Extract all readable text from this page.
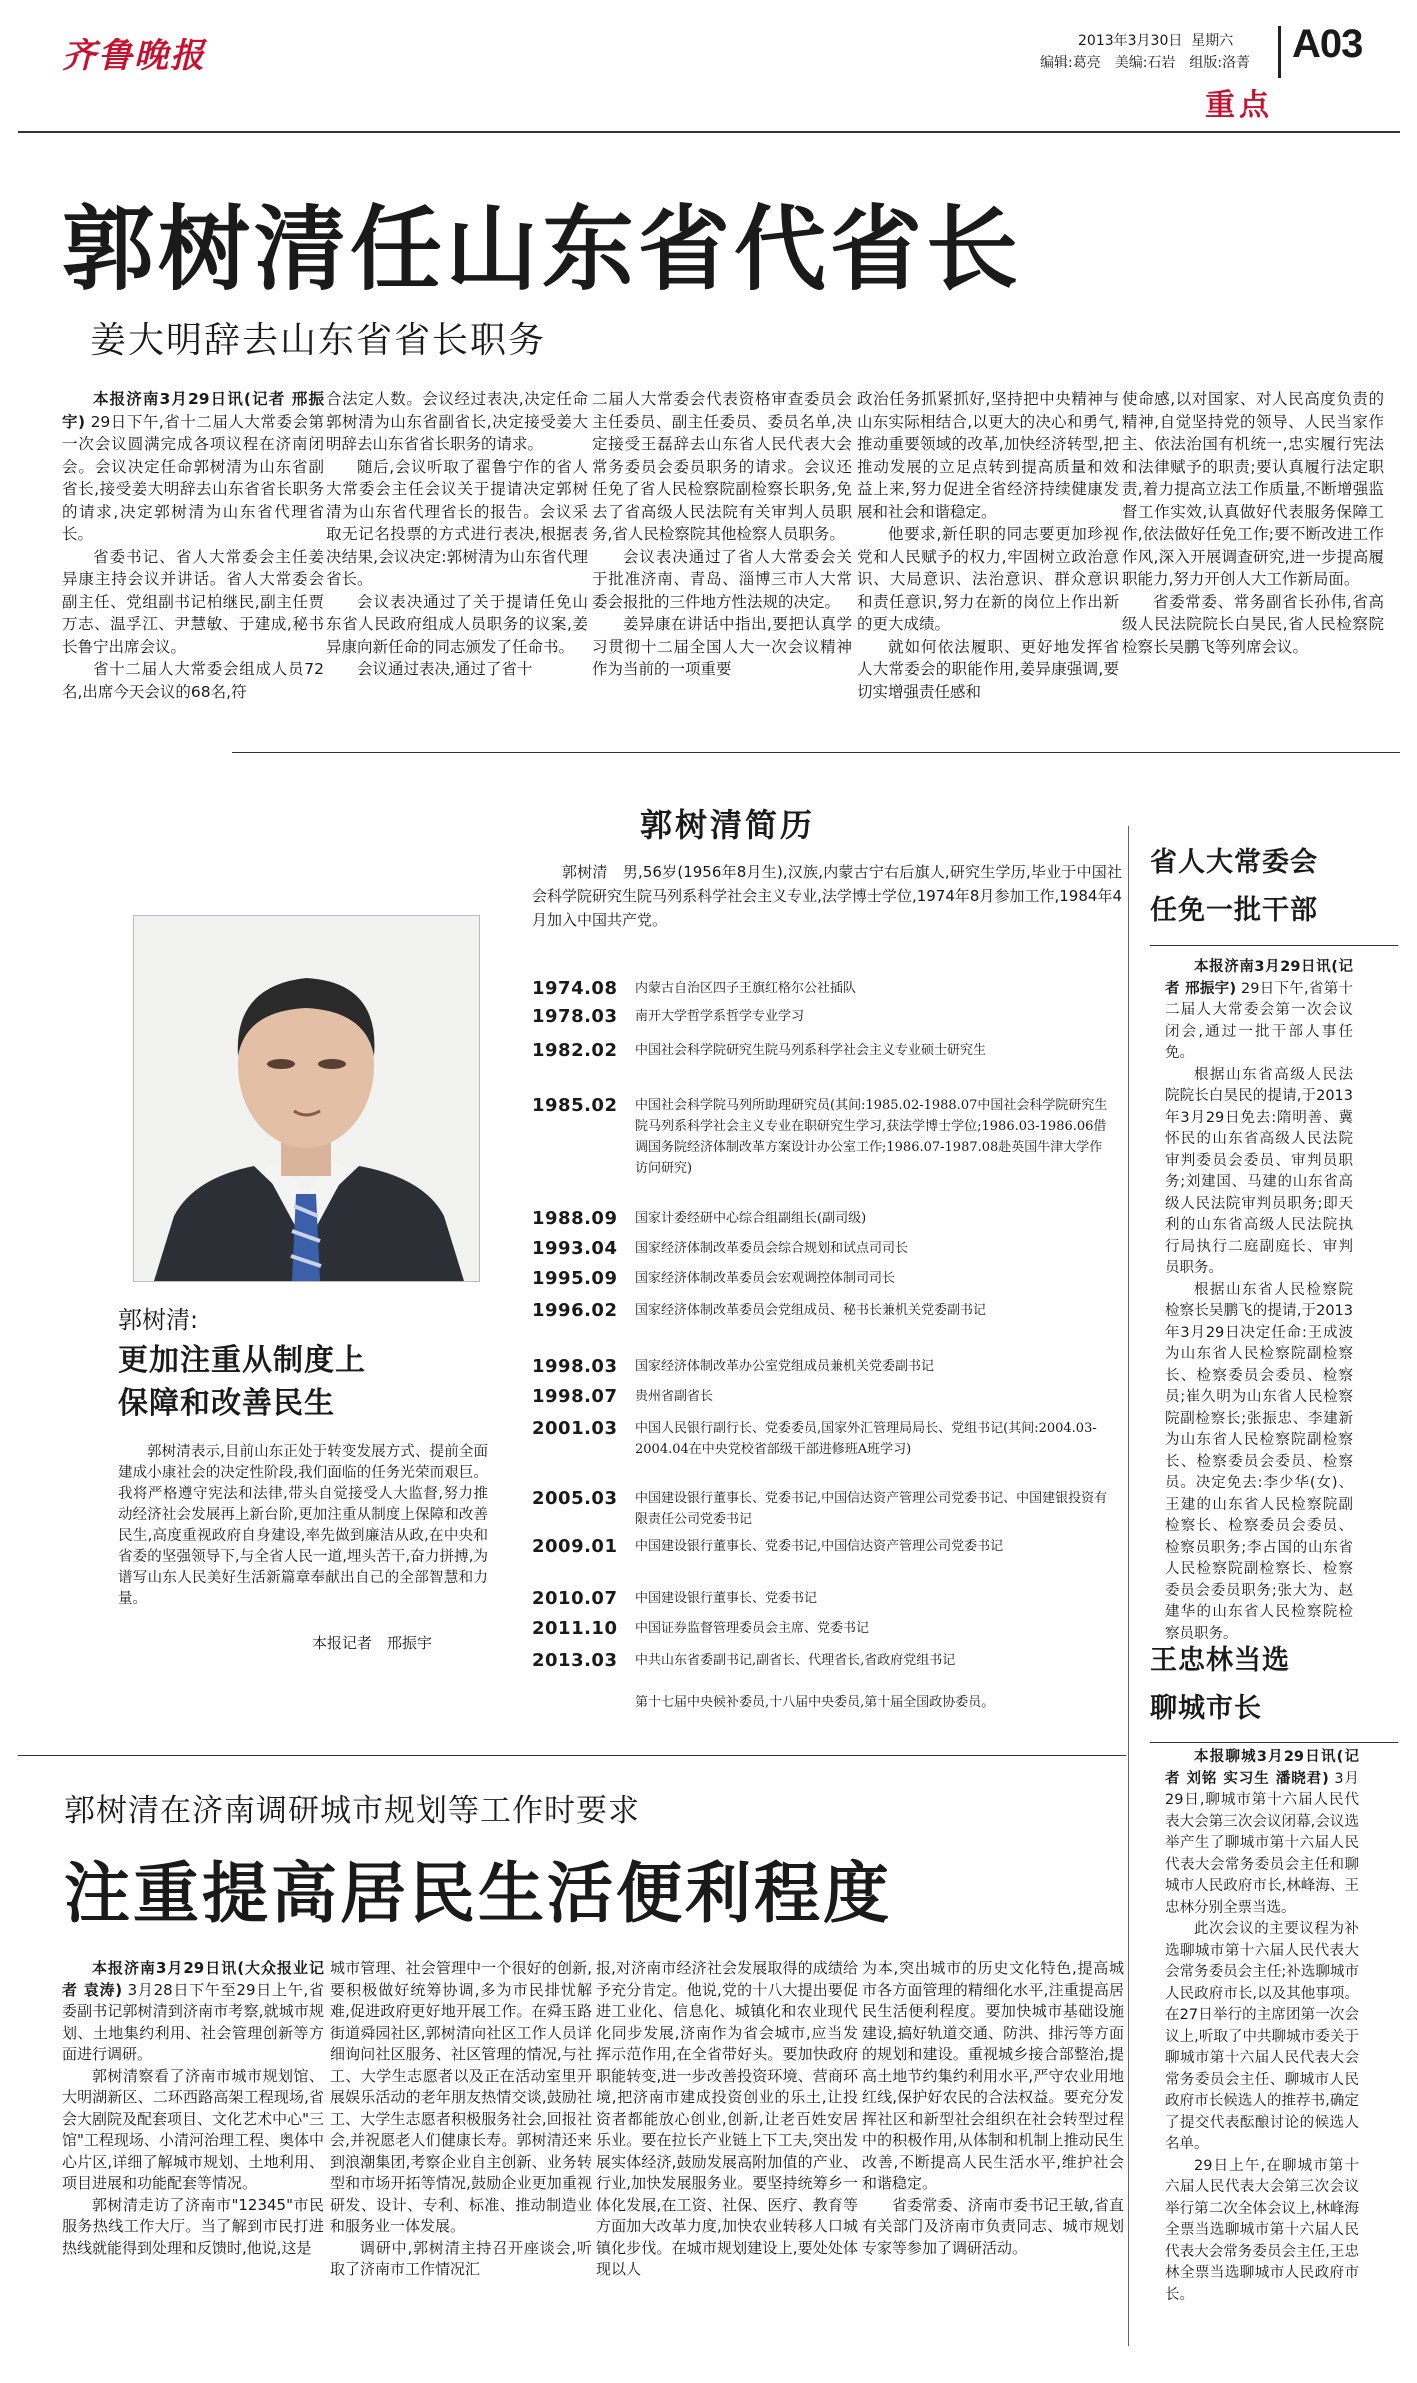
齐鲁晚报	2013年3月30日 星期六
编辑:葛亮　美编:石岩　组版:洛菁 A03
重点
郭树清任山东省代省长
姜大明辞去山东省省长职务

本报济南3月29日讯(记者 邢振宇) 29日下午,省十二届人大常委会第一次会议圆满完成各项议程在济南闭会。会议决定任命郭树清为山东省副省长,接受姜大明辞去山东省省长职务的请求,决定郭树清为山东省代理省长。

省委书记、省人大常委会主任姜异康主持会议并讲话。省人大常委会副主任、党组副书记柏继民,副主任贾万志、温孚江、尹慧敏、于建成,秘书长鲁宁出席会议。

省十二届人大常委会组成人员72名,出席今天会议的68名,符

合法定人数。会议经过表决,决定任命郭树清为山东省副省长,决定接受姜大明辞去山东省省长职务的请求。

随后,会议听取了翟鲁宁作的省人大常委会主任会议关于提请决定郭树清为山东省代理省长的报告。会议采取无记名投票的方式进行表决,根据表决结果,会议决定:郭树清为山东省代理省长。

会议表决通过了关于提请任免山东省人民政府组成人员职务的议案,姜异康向新任命的同志颁发了任命书。

会议通过表决,通过了省十

二届人大常委会代表资格审查委员会主任委员、副主任委员、委员名单,决定接受王磊辞去山东省人民代表大会常务委员会委员职务的请求。会议还任免了省人民检察院副检察长职务,免去了省高级人民法院有关审判人员职务,省人民检察院其他检察人员职务。

会议表决通过了省人大常委会关于批准济南、青岛、淄博三市人大常委会报批的三件地方性法规的决定。

姜异康在讲话中指出,要把认真学习贯彻十二届全国人大一次会议精神作为当前的一项重要

政治任务抓紧抓好,坚持把中央精神与山东实际相结合,以更大的决心和勇气,推动重要领域的改革,加快经济转型,把推动发展的立足点转到提高质量和效益上来,努力促进全省经济持续健康发展和社会和谐稳定。

他要求,新任职的同志要更加珍视党和人民赋予的权力,牢固树立政治意识、大局意识、法治意识、群众意识和责任意识,努力在新的岗位上作出新的更大成绩。

就如何依法履职、更好地发挥省人大常委会的职能作用,姜异康强调,要切实增强责任感和

使命感,以对国家、对人民高度负责的精神,自觉坚持党的领导、人民当家作主、依法治国有机统一,忠实履行宪法和法律赋予的职责;要认真履行法定职责,着力提高立法工作质量,不断增强监督工作实效,认真做好代表服务保障工作,依法做好任免工作;要不断改进工作作风,深入开展调查研究,进一步提高履职能力,努力开创人大工作新局面。

省委常委、常务副省长孙伟,省高级人民法院院长白昊民,省人民检察院检察长吴鹏飞等列席会议。

郭树清简历
郭树清　男,56岁(1956年8月生),汉族,内蒙古宁右后旗人,研究生学历,毕业于中国社会科学院研究生院马列系科学社会主义专业,法学博士学位,1974年8月参加工作,1984年4月加入中国共产党。
郭树清:
更加注重从制度上
保障和改善民生

郭树清表示,目前山东正处于转变发展方式、提前全面建成小康社会的决定性阶段,我们面临的任务光荣而艰巨。我将严格遵守宪法和法律,带头自觉接受人大监督,努力推动经济社会发展再上新台阶,更加注重从制度上保障和改善民生,高度重视政府自身建设,率先做到廉洁从政,在中央和省委的坚强领导下,与全省人民一道,埋头苦干,奋力拼搏,为谱写山东人民美好生活新篇章奉献出自己的全部智慧和力量。

本报记者　邢振宇
1974.08 内蒙古自治区四子王旗红格尔公社插队
1978.03 南开大学哲学系哲学专业学习
1982.02 中国社会科学院研究生院马列系科学社会主义专业硕士研究生
1985.02 中国社会科学院马列所助理研究员(其间:1985.02-1988.07中国社会科学院研究生院马列系科学社会主义专业在职研究生学习,获法学博士学位;1986.03-1986.06借调国务院经济体制改革方案设计办公室工作;1986.07-1987.08赴英国牛津大学作访问研究)
1988.09 国家计委经研中心综合组副组长(副司级)
1993.04 国家经济体制改革委员会综合规划和试点司司长
1995.09 国家经济体制改革委员会宏观调控体制司司长
1996.02 国家经济体制改革委员会党组成员、秘书长兼机关党委副书记
1998.03 国家经济体制改革办公室党组成员兼机关党委副书记
1998.07 贵州省副省长
2001.03 中国人民银行副行长、党委委员,国家外汇管理局局长、党组书记(其间:2004.03-2004.04在中央党校省部级干部进修班A班学习)
2005.03 中国建设银行董事长、党委书记,中国信达资产管理公司党委书记、中国建银投资有限责任公司党委书记
2009.01 中国建设银行董事长、党委书记,中国信达资产管理公司党委书记
2010.07 中国建设银行董事长、党委书记
2011.10 中国证券监督管理委员会主席、党委书记
2013.03 中共山东省委副书记,副省长、代理省长,省政府党组书记
第十七届中央候补委员,十八届中央委员,第十届全国政协委员。
省人大常委会
任免一批干部

本报济南3月29日讯(记者 邢振宇) 29日下午,省第十二届人大常委会第一次会议闭会,通过一批干部人事任免。

根据山东省高级人民法院院长白昊民的提请,于2013年3月29日免去:隋明善、冀怀民的山东省高级人民法院审判委员会委员、审判员职务;刘建国、马建的山东省高级人民法院审判员职务;即天利的山东省高级人民法院执行局执行二庭副庭长、审判员职务。

根据山东省人民检察院检察长吴鹏飞的提请,于2013年3月29日决定任命:王成波为山东省人民检察院副检察长、检察委员会委员、检察员;崔久明为山东省人民检察院副检察长;张振忠、李建新为山东省人民检察院副检察长、检察委员会委员、检察员。决定免去:李少华(女)、王建的山东省人民检察院副检察长、检察委员会委员、检察员职务;李占国的山东省人民检察院副检察长、检察委员会委员职务;张大为、赵建华的山东省人民检察院检察员职务。

王忠林当选
聊城市长

本报聊城3月29日讯(记者 刘铭 实习生 潘晓君) 3月29日,聊城市第十六届人民代表大会第三次会议闭幕,会议选举产生了聊城市第十六届人民代表大会常务委员会主任和聊城市人民政府市长,林峰海、王忠林分别全票当选。

此次会议的主要议程为补选聊城市第十六届人民代表大会常务委员会主任;补选聊城市人民政府市长,以及其他事项。在27日举行的主席团第一次会议上,听取了中共聊城市委关于聊城市第十六届人民代表大会常务委员会主任、聊城市人民政府市长候选人的推荐书,确定了提交代表酝酿讨论的候选人名单。

29日上午,在聊城市第十六届人民代表大会第三次会议举行第二次全体会议上,林峰海全票当选聊城市第十六届人民代表大会常务委员会主任,王忠林全票当选聊城市人民政府市长。

郭树清在济南调研城市规划等工作时要求
注重提高居民生活便利程度

本报济南3月29日讯(大众报业记者 袁涛) 3月28日下午至29日上午,省委副书记郭树清到济南市考察,就城市规划、土地集约利用、社会管理创新等方面进行调研。

郭树清察看了济南市城市规划馆、大明湖新区、二环西路高架工程现场,省会大剧院及配套项目、文化艺术中心"三馆"工程现场、小清河治理工程、奥体中心片区,详细了解城市规划、土地利用、项目进展和功能配套等情况。

郭树清走访了济南市"12345"市民服务热线工作大厅。当了解到市民打进热线就能得到处理和反馈时,他说,这是

城市管理、社会管理中一个很好的创新,要积极做好统筹协调,多为市民排忧解难,促进政府更好地开展工作。在舜玉路街道舜园社区,郭树清向社区工作人员详细询问社区服务、社区管理的情况,与社工、大学生志愿者以及正在活动室里开展娱乐活动的老年朋友热情交谈,鼓励社工、大学生志愿者积极服务社会,回报社会,并祝愿老人们健康长寿。郭树清还来到浪潮集团,考察企业自主创新、业务转型和市场开拓等情况,鼓励企业更加重视研发、设计、专利、标准、推动制造业和服务业一体发展。

调研中,郭树清主持召开座谈会,听取了济南市工作情况汇

报,对济南市经济社会发展取得的成绩给予充分肯定。他说,党的十八大提出要促进工业化、信息化、城镇化和农业现代化同步发展,济南作为省会城市,应当发挥示范作用,在全省带好头。要加快政府职能转变,进一步改善投资环境、营商环境,把济南市建成投资创业的乐土,让投资者都能放心创业,创新,让老百姓安居乐业。要在拉长产业链上下工夫,突出发展实体经济,鼓励发展高附加值的产业、行业,加快发展服务业。要坚持统筹乡一体化发展,在工资、社保、医疗、教育等方面加大改革力度,加快农业转移人口城镇化步伐。在城市规划建设上,要处处体现以人

为本,突出城市的历史文化特色,提高城市各方面管理的精细化水平,注重提高居民生活便利程度。要加快城市基础设施建设,搞好轨道交通、防洪、排污等方面的规划和建设。重视城乡接合部整治,提高土地节约集约利用水平,严守农业用地红线,保护好农民的合法权益。要充分发挥社区和新型社会组织在社会转型过程中的积极作用,从体制和机制上推动民生改善,不断提高人民生活水平,维护社会和谐稳定。

省委常委、济南市委书记王敏,省直有关部门及济南市负责同志、城市规划专家等参加了调研活动。
